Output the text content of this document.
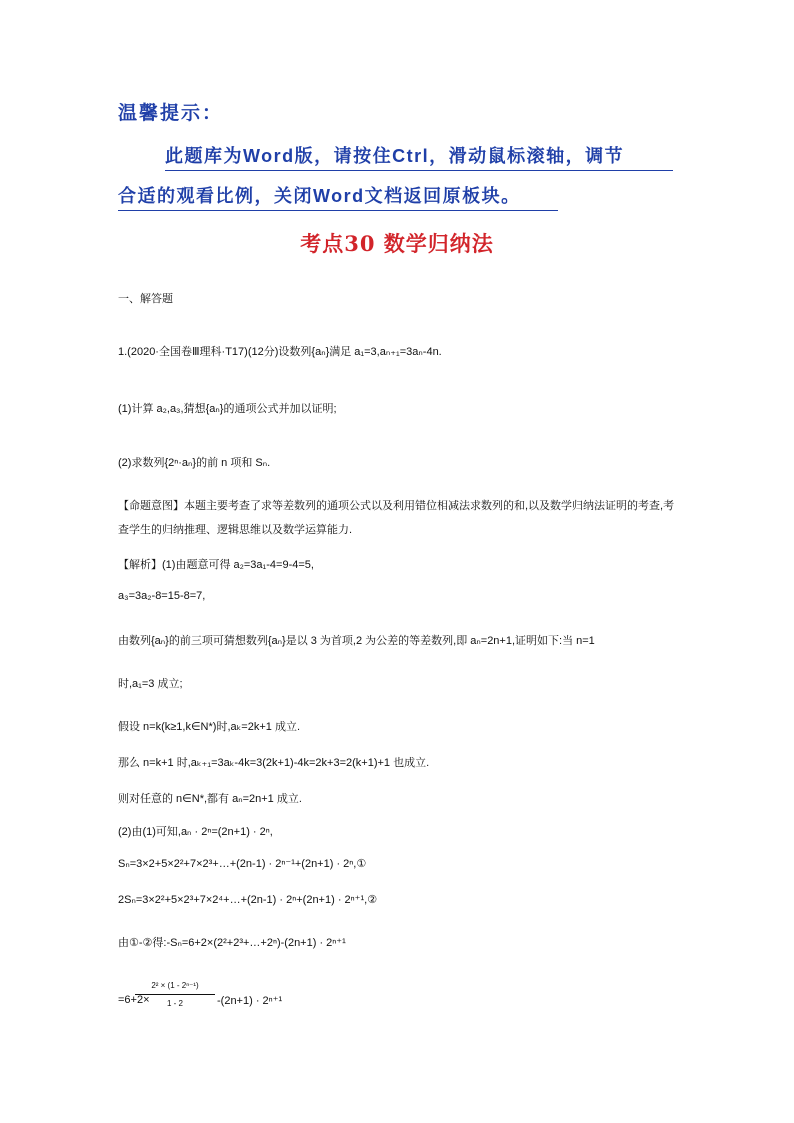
温馨提示：
此题库为Word版，请按住Ctrl，滑动鼠标滚轴，调节
合适的观看比例，关闭Word文档返回原板块。
考点30 数学归纳法
一、解答题
1.(2020·全国卷Ⅲ理科·T17)(12分)设数列{aₙ}满足 a₁=3,aₙ₊₁=3aₙ-4n.
(1)计算 a₂,a₃,猜想{aₙ}的通项公式并加以证明;
(2)求数列{2ⁿ·aₙ}的前 n 项和 Sₙ.
【命题意图】本题主要考查了求等差数列的通项公式以及利用错位相减法求数列的和,以及数学归纳法证明的考查,考查学生的归纳推理、逻辑思维以及数学运算能力.
【解析】(1)由题意可得 a₂=3a₁-4=9-4=5,
a₃=3a₂-8=15-8=7,
由数列{aₙ}的前三项可猜想数列{aₙ}是以 3 为首项,2 为公差的等差数列,即 aₙ=2n+1,证明如下:当 n=1
时,a₁=3 成立;
假设 n=k(k≥1,k∈N*)时,aₖ=2k+1 成立.
那么 n=k+1 时,aₖ₊₁=3aₖ-4k=3(2k+1)-4k=2k+3=2(k+1)+1 也成立.
则对任意的 n∈N*,都有 aₙ=2n+1 成立.
(2)由(1)可知,aₙ · 2ⁿ=(2n+1) · 2ⁿ,
Sₙ=3×2+5×2²+7×2³+…+(2n-1) · 2ⁿ⁻¹+(2n+1) · 2ⁿ,①
2Sₙ=3×2²+5×2³+7×2⁴+…+(2n-1) · 2ⁿ+(2n+1) · 2ⁿ⁺¹,②
由①-②得:-Sₙ=6+2×(2²+2³+…+2ⁿ)-(2n+1) · 2ⁿ⁺¹
=6+2×
$\frac{\text{2² × (1 - 2ⁿ⁻¹)}}{1 - 2} -(2n+1) \cdot 2^{n+1}$
